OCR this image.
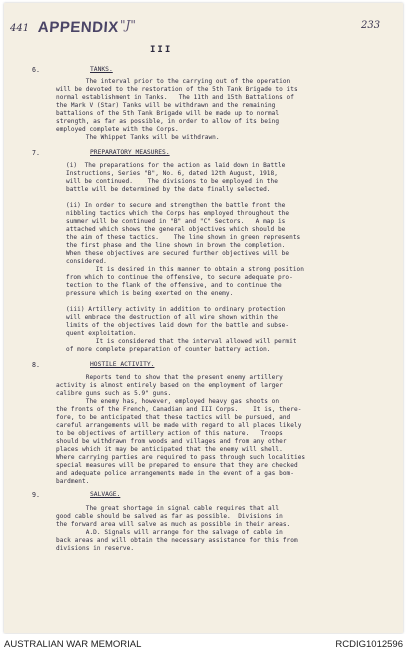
441 APPENDIX "J"	233
III
6.	TANKS.
The interval prior to the carrying out of the operation
will be devoted to the restoration of the 5th Tank Brigade to its
normal establishment in Tanks.   The 11th and 15th Battalions of
the Mark V (Star) Tanks will be withdrawn and the remaining
battalions of the 5th Tank Brigade will be made up to normal
strength, as far as possible, in order to allow of its being
employed complete with the Corps.
The Whippet Tanks will be withdrawn.
7.	PREPARATORY MEASURES.
(i)  The preparations for the action as laid down in Battle
Instructions, Series "B", No. 6, dated 12th August, 1918,
will be continued.    The divisions to be employed in the
battle will be determined by the date finally selected.
(ii) In order to secure and strengthen the battle front the
nibbling tactics which the Corps has employed throughout the
summer will be continued in "B" and "C" Sectors.   A map is
attached which shows the general objectives which should be
the aim of these tactics.    The line shown in green represents
the first phase and the line shown in brown the completion.
When these objectives are secured further objectives will be
considered.
It is desired in this manner to obtain a strong position
from which to continue the offensive, to secure adequate pro-
tection to the flank of the offensive, and to continue the
pressure which is being exerted on the enemy.
(iii) Artillery activity in addition to ordinary protection
will embrace the destruction of all wire shown within the
limits of the objectives laid down for the battle and subse-
quent exploitation.
It is considered that the interval allowed will permit
of more complete preparation of counter battery action.
8.	HOSTILE ACTIVITY.
Reports tend to show that the present enemy artillery
activity is almost entirely based on the employment of larger
calibre guns such as 5.9" guns.
The enemy has, however, employed heavy gas shoots on
the fronts of the French, Canadian and III Corps.    It is, there-
fore, to be anticipated that these tactics will be pursued, and
careful arrangements will be made with regard to all places likely
to be objectives of artillery action of this nature.   Troops
should be withdrawn from woods and villages and from any other
places which it may be anticipated that the enemy will shell.
Where carrying parties are required to pass through such localities
special measures will be prepared to ensure that they are checked
and adequate police arrangements made in the event of a gas bom-
bardment.
9.	SALVAGE.
The great shortage in signal cable requires that all
good cable should be salved as far as possible.  Divisions in
the forward area will salve as much as possible in their areas.
A.D. Signals will arrange for the salvage of cable in
back areas and will obtain the necessary assistance for this from
divisions in reserve.
AUSTRALIAN WAR MEMORIAL	RCDIG1012596
